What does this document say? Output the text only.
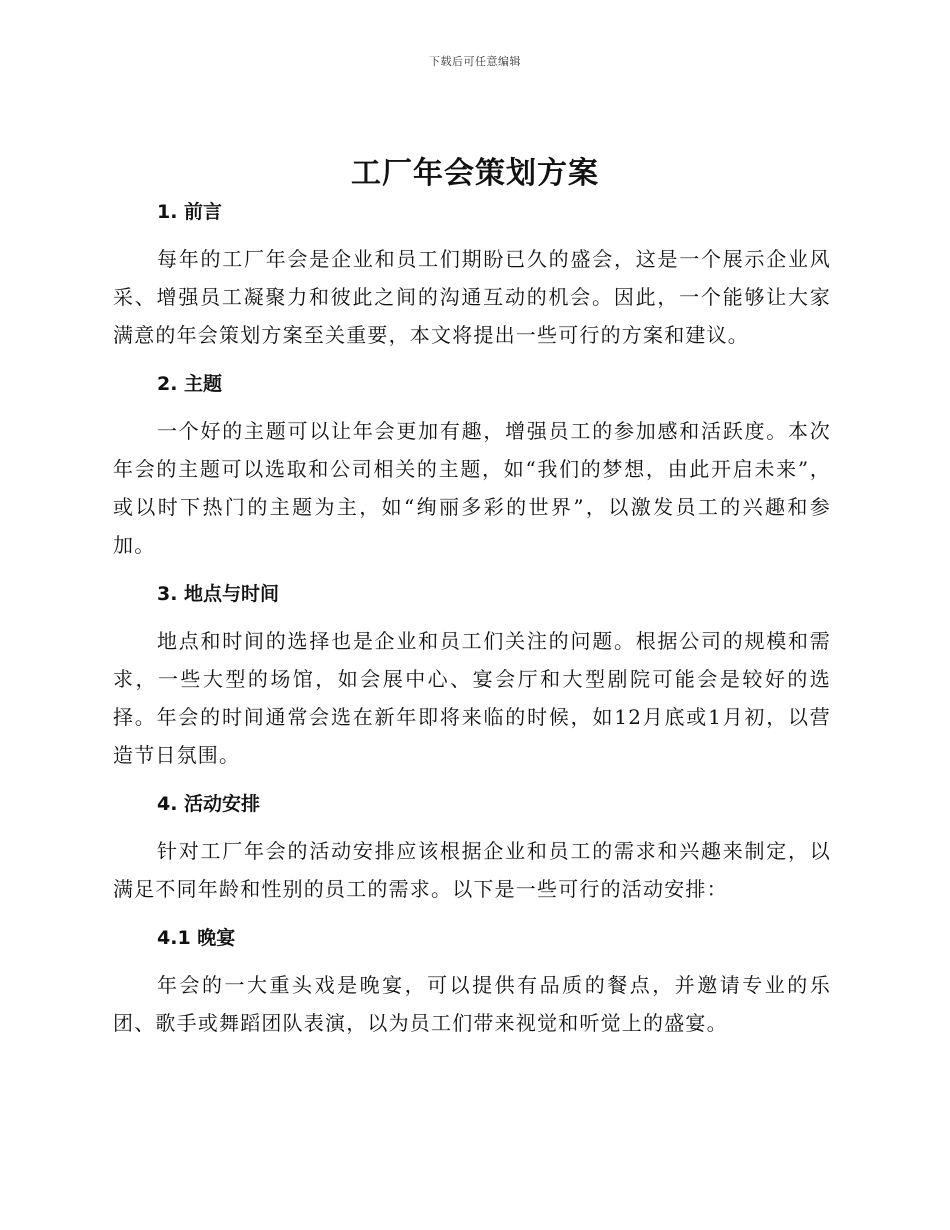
下载后可任意编辑
工厂年会策划方案
1. 前言

每年的工厂年会是企业和员工们期盼已久的盛会，这是一个展示企业风采、增强员工凝聚力和彼此之间的沟通互动的机会。因此，一个能够让大家满意的年会策划方案至关重要，本文将提出一些可行的方案和建议。

2. 主题

一个好的主题可以让年会更加有趣，增强员工的参加感和活跃度。本次年会的主题可以选取和公司相关的主题，如“我们的梦想，由此开启未来”，或以时下热门的主题为主，如“绚丽多彩的世界”，以激发员工的兴趣和参加。

3. 地点与时间

地点和时间的选择也是企业和员工们关注的问题。根据公司的规模和需求，一些大型的场馆，如会展中心、宴会厅和大型剧院可能会是较好的选择。年会的时间通常会选在新年即将来临的时候，如12月底或1月初，以营造节日氛围。

4. 活动安排

针对工厂年会的活动安排应该根据企业和员工的需求和兴趣来制定，以满足不同年龄和性别的员工的需求。以下是一些可行的活动安排：

4.1 晚宴

年会的一大重头戏是晚宴，可以提供有品质的餐点，并邀请专业的乐团、歌手或舞蹈团队表演，以为员工们带来视觉和听觉上的盛宴。
